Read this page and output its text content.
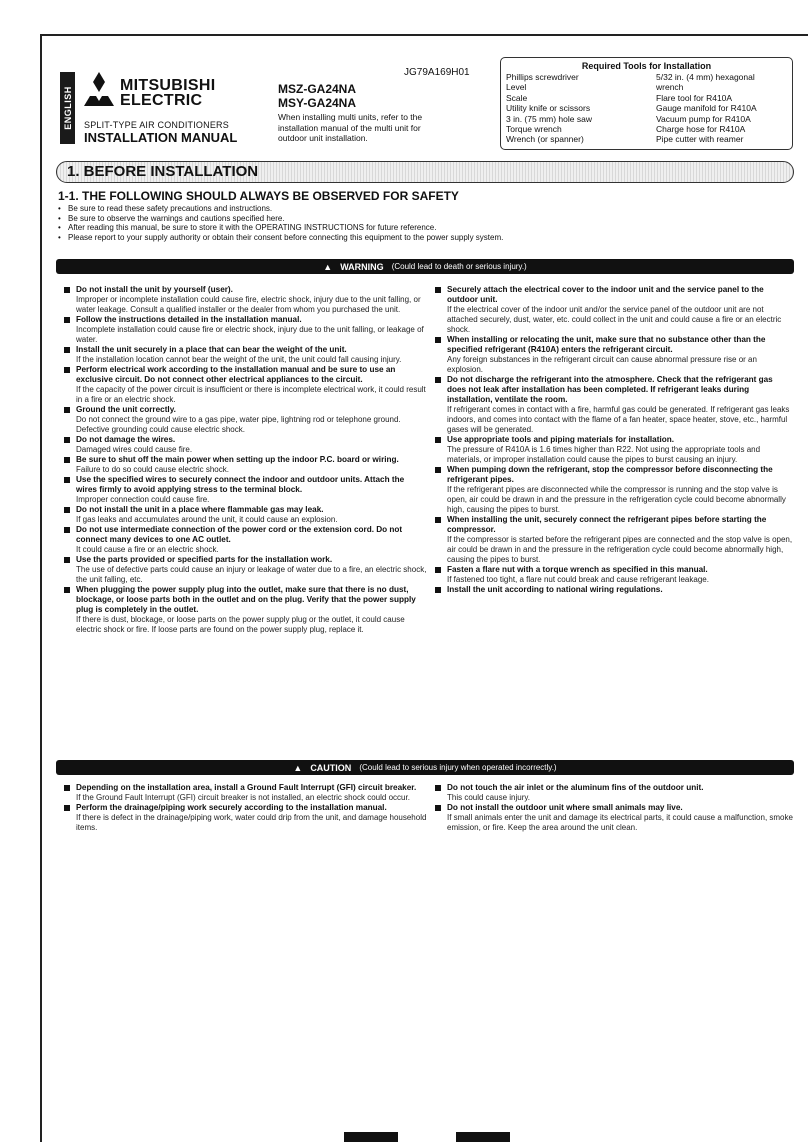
ENGLISH
MITSUBISHI
ELECTRIC
SPLIT-TYPE AIR CONDITIONERS
INSTALLATION MANUAL
JG79A169H01
MSZ-GA24NA
MSY-GA24NA
When installing multi units, refer to the installation manual of the multi unit for outdoor unit installation.
Required Tools for Installation
Phillips screwdriver	5/32 in. (4 mm) hexagonal
Level	wrench
Scale	Flare tool for R410A
Utility knife or scissors	Gauge manifold for R410A
3 in. (75 mm) hole saw	Vacuum pump for R410A
Torque wrench	Charge hose for R410A
Wrench (or spanner)	Pipe cutter with reamer
1. BEFORE INSTALLATION
1-1. THE FOLLOWING SHOULD ALWAYS BE OBSERVED FOR SAFETY
• Be sure to read these safety precautions and instructions.
• Be sure to observe the warnings and cautions specified here.
• After reading this manual, be sure to store it with the OPERATING INSTRUCTIONS for future reference.
• Please report to your supply authority or obtain their consent before connecting this equipment to the power supply system.
▲ WARNING (Could lead to death or serious injury.)
Do not install the unit by yourself (user).
Improper or incomplete installation could cause fire, electric shock, injury due to the unit falling, or water leakage. Consult a qualified installer or the dealer from whom you purchased the unit.
Follow the instructions detailed in the installation manual.
Incomplete installation could cause fire or electric shock, injury due to the unit falling, or leakage of water.
Install the unit securely in a place that can bear the weight of the unit.
If the installation location cannot bear the weight of the unit, the unit could fall causing injury.
Perform electrical work according to the installation manual and be sure to use an exclusive circuit. Do not connect other electrical appliances to the circuit.
If the capacity of the power circuit is insufficient or there is incomplete electrical work, it could result in a fire or an electric shock.
Ground the unit correctly.
Do not connect the ground wire to a gas pipe, water pipe, lightning rod or telephone ground. Defective grounding could cause electric shock.
Do not damage the wires.
Damaged wires could cause fire.
Be sure to shut off the main power when setting up the indoor P.C. board or wiring.
Failure to do so could cause electric shock.
Use the specified wires to securely connect the indoor and outdoor units. Attach the wires firmly to avoid applying stress to the terminal block.
Improper connection could cause fire.
Do not install the unit in a place where flammable gas may leak.
If gas leaks and accumulates around the unit, it could cause an explosion.
Do not use intermediate connection of the power cord or the extension cord. Do not connect many devices to one AC outlet.
It could cause a fire or an electric shock.
Use the parts provided or specified parts for the installation work.
The use of defective parts could cause an injury or leakage of water due to a fire, an electric shock, the unit falling, etc.
When plugging the power supply plug into the outlet, make sure that there is no dust, blockage, or loose parts both in the outlet and on the plug. Verify that the power supply plug is completely in the outlet.
If there is dust, blockage, or loose parts on the power supply plug or the outlet, it could cause electric shock or fire. If loose parts are found on the power supply plug, replace it.
Securely attach the electrical cover to the indoor unit and the service panel to the outdoor unit.
If the electrical cover of the indoor unit and/or the service panel of the outdoor unit are not attached securely, dust, water, etc. could collect in the unit and could cause a fire or an electric shock.
When installing or relocating the unit, make sure that no substance other than the specified refrigerant (R410A) enters the refrigerant circuit.
Any foreign substances in the refrigerant circuit can cause abnormal pressure rise or an explosion.
Do not discharge the refrigerant into the atmosphere. Check that the refrigerant gas does not leak after installation has been completed. If refrigerant leaks during installation, ventilate the room.
If refrigerant comes in contact with a fire, harmful gas could be generated. If refrigerant gas leaks indoors, and comes into contact with the flame of a fan heater, space heater, stove, etc., harmful gases will be generated.
Use appropriate tools and piping materials for installation.
The pressure of R410A is 1.6 times higher than R22. Not using the appropriate tools and materials, or improper installation could cause the pipes to burst causing an injury.
When pumping down the refrigerant, stop the compressor before disconnecting the refrigerant pipes.
If the refrigerant pipes are disconnected while the compressor is running and the stop valve is open, air could be drawn in and the pressure in the refrigeration cycle could become abnormally high, causing the pipes to burst.
When installing the unit, securely connect the refrigerant pipes before starting the compressor.
If the compressor is started before the refrigerant pipes are connected and the stop valve is open, air could be drawn in and the pressure in the refrigeration cycle could become abnormally high, causing the pipes to burst.
Fasten a flare nut with a torque wrench as specified in this manual.
If fastened too tight, a flare nut could break and cause refrigerant leakage.
Install the unit according to national wiring regulations.
▲ CAUTION (Could lead to serious injury when operated incorrectly.)
Depending on the installation area, install a Ground Fault Interrupt (GFI) circuit breaker.
If the Ground Fault Interrupt (GFI) circuit breaker is not installed, an electric shock could occur.
Perform the drainage/piping work securely according to the installation manual.
If there is defect in the drainage/piping work, water could drip from the unit, and damage household items.
Do not touch the air inlet or the aluminum fins of the outdoor unit.
This could cause injury.
Do not install the outdoor unit where small animals may live.
If small animals enter the unit and damage its electrical parts, it could cause a malfunction, smoke emission, or fire. Keep the area around the unit clean.
